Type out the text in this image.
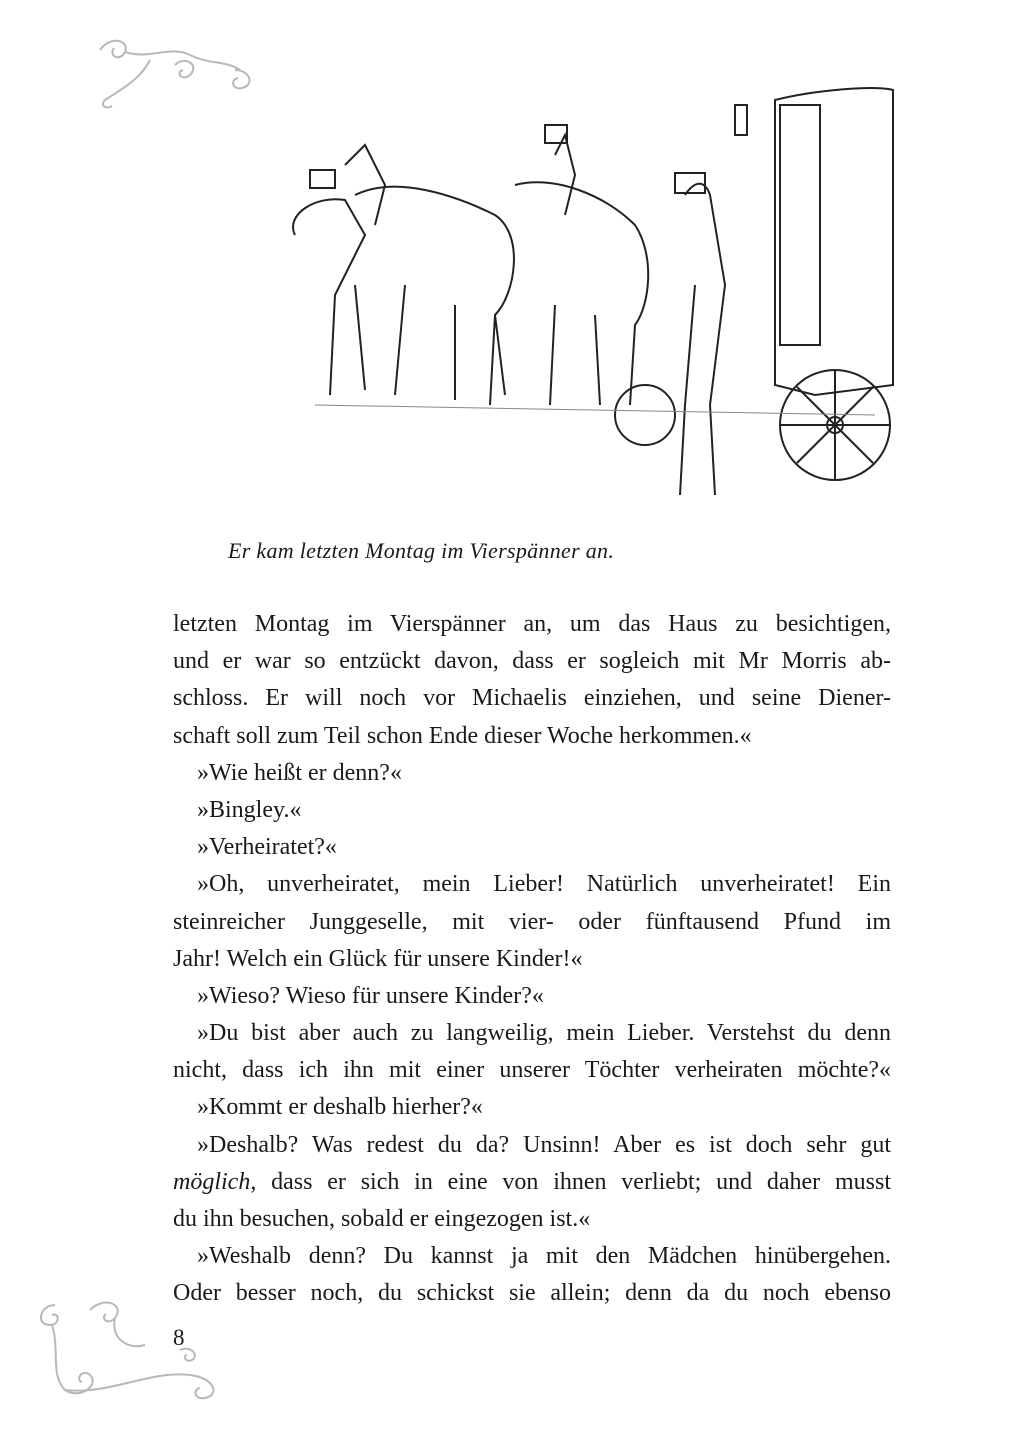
Er kam letzten Montag im Vierspänner an.
letzten Montag im Vierspänner an, um das Haus zu besichtigen,
und er war so entzückt davon, dass er sogleich mit Mr Morris ab-
schloss. Er will noch vor Michaelis einziehen, und seine Diener-
schaft soll zum Teil schon Ende dieser Woche herkommen.«
»Wie heißt er denn?«
»Bingley.«
»Verheiratet?«
»Oh, unverheiratet, mein Lieber! Natürlich unverheiratet! Ein
steinreicher Junggeselle, mit vier- oder fünftausend Pfund im
Jahr! Welch ein Glück für unsere Kinder!«
»Wieso? Wieso für unsere Kinder?«
»Du bist aber auch zu langweilig, mein Lieber. Verstehst du denn
nicht, dass ich ihn mit einer unserer Töchter verheiraten möchte?«
»Kommt er deshalb hierher?«
»Deshalb? Was redest du da? Unsinn! Aber es ist doch sehr gut
möglich, dass er sich in eine von ihnen verliebt; und daher musst
du ihn besuchen, sobald er eingezogen ist.«
»Weshalb denn? Du kannst ja mit den Mädchen hinübergehen.
Oder besser noch, du schickst sie allein; denn da du noch ebenso
8
